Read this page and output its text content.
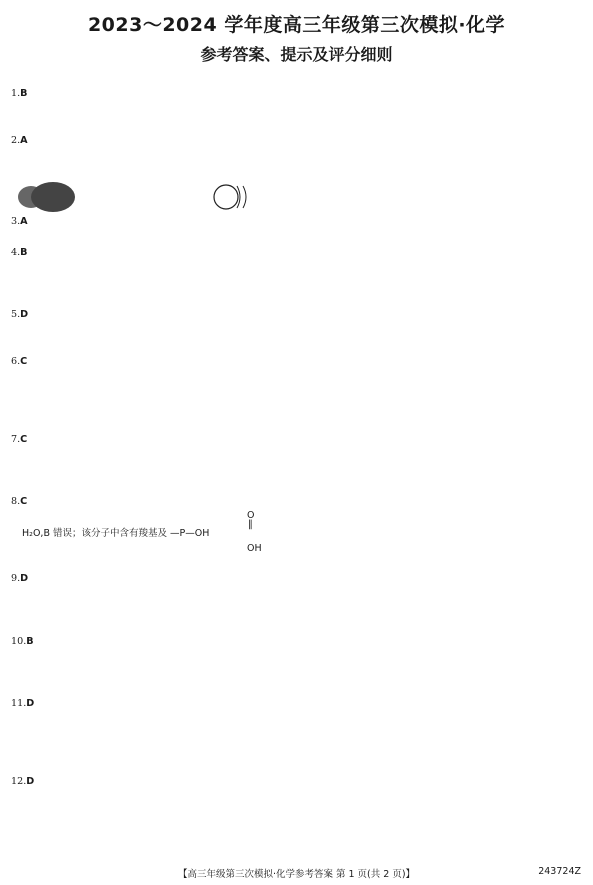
2023～2024 学年度高三年级第三次模拟·化学
参考答案、提示及评分细则

1.B

2.A

3.A

4.B

5.D

6.C

7.C

8.C

O
‖
H₂O,B 错误；该分子中含有羧基及 —P—OH
OH

9.D

10.B

11.D

12.D

【高三年级第三次模拟·化学参考答案 第 1 页(共 2 页)】	243724Z
